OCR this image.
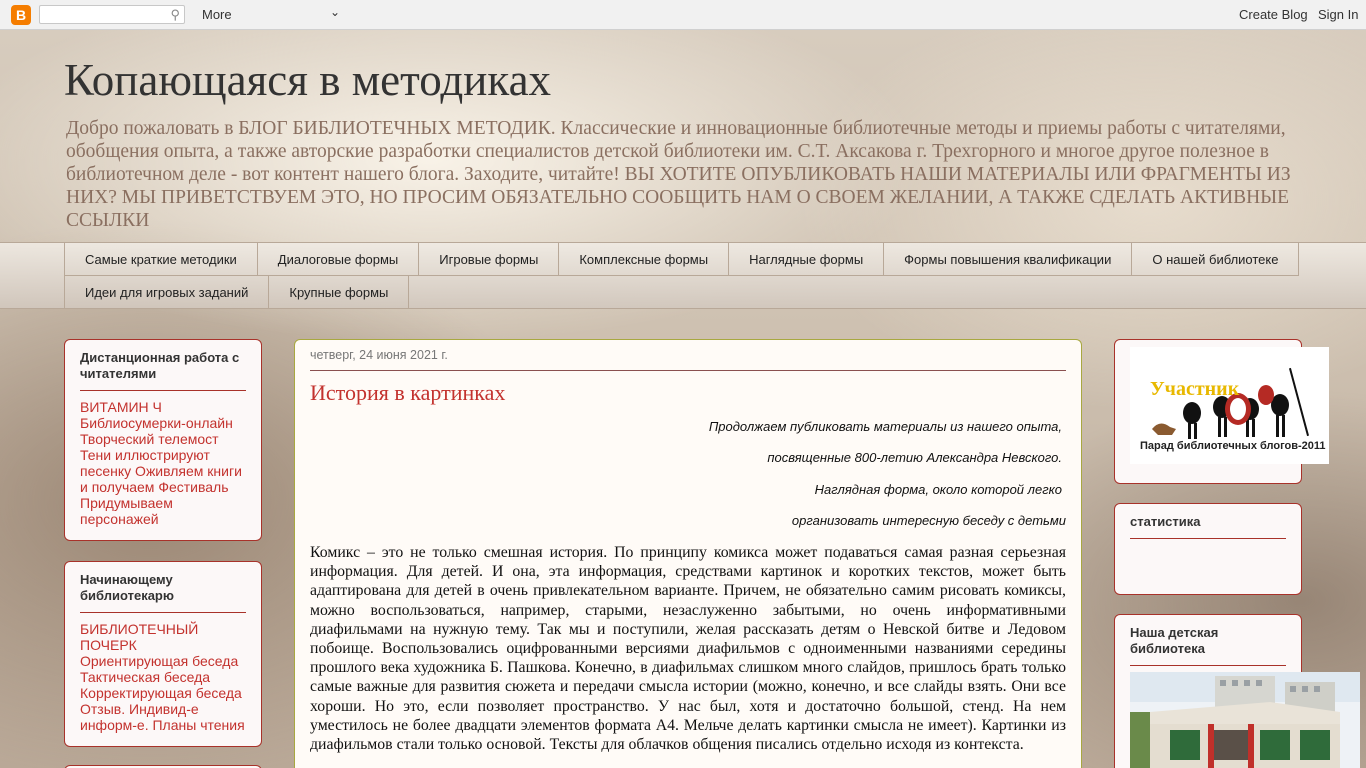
B	⚲ More	⌄	Create Blog Sign In
Копающаяся в методиках
Добро пожаловать в БЛОГ БИБЛИОТЕЧНЫХ МЕТОДИК. Классические и инновационные библиотечные методы и приемы работы с читателями, обобщения опыта, а также авторские разработки специалистов детской библиотеки им. С.Т. Аксакова г. Трехгорного и многое другое полезное в библиотечном деле - вот контент нашего блога. Заходите, читайте! ВЫ ХОТИТЕ ОПУБЛИКОВАТЬ НАШИ МАТЕРИАЛЫ ИЛИ ФРАГМЕНТЫ ИЗ НИХ? МЫ ПРИВЕТСТВУЕМ ЭТО, НО ПРОСИМ ОБЯЗАТЕЛЬНО СООБЩИТЬ НАМ О СВОЕМ ЖЕЛАНИИ, А ТАКЖЕ СДЕЛАТЬ АКТИВНЫЕ ССЫЛКИ
Самые краткие методики	Диалоговые формы	Игровые формы	Комплексные формы	Наглядные формы	Формы повышения квалификации	О нашей библиотеке
Идеи для игровых заданий	Крупные формы
Дистанционная работа с читателями
ВИТАМИН Ч Библиосумерки-онлайн Творческий телемост Тени иллюстрируют песенку Оживляем книги и получаем Фестиваль Придумываем персонажей
Начинающему библиотекарю
БИБЛИОТЕЧНЫЙ ПОЧЕРК Ориентирующая беседа Тактическая беседа Корректирующая беседа Отзыв. Индивид-е информ-е. Планы чтения
четверг, 24 июня 2021 г.
История в картинках
Продолжаем публиковать материалы из нашего опыта,
посвященные 800-летию Александра Невского.
Наглядная форма, около которой легко
организовать интересную беседу с детьми
Комикс – это не только смешная история. По принципу комикса может подаваться самая разная серьезная информация. Для детей. И она, эта информация, средствами картинок и коротких текстов, может быть адаптирована для детей в очень привлекательном варианте. Причем, не обязательно самим рисовать комиксы, можно воспользоваться, например, старыми, незаслуженно забытыми, но очень информативными диафильмами на нужную тему. Так мы и поступили, желая рассказать детям о Невской битве и Ледовом побоище. Воспользовались оцифрованными версиями диафильмов с одноименными названиями середины прошлого века художника Б. Пашкова. Конечно, в диафильмах слишком много слайдов, пришлось брать только самые важные для развития сюжета и передачи смысла истории (можно, конечно, и все слайды взять. Они все хороши. Но это, если позволяет пространство. У нас был, хотя и достаточно большой, стенд. На нем уместилось не более двадцати элементов формата А4. Мельче делать картинки смысла не имеет). Картинки из диафильмов стали только основой. Тексты для облачков общения писались отдельно исходя из контекста.
Участник
Парад библиотечных блогов-2011
статистика
Наша детская библиотека
